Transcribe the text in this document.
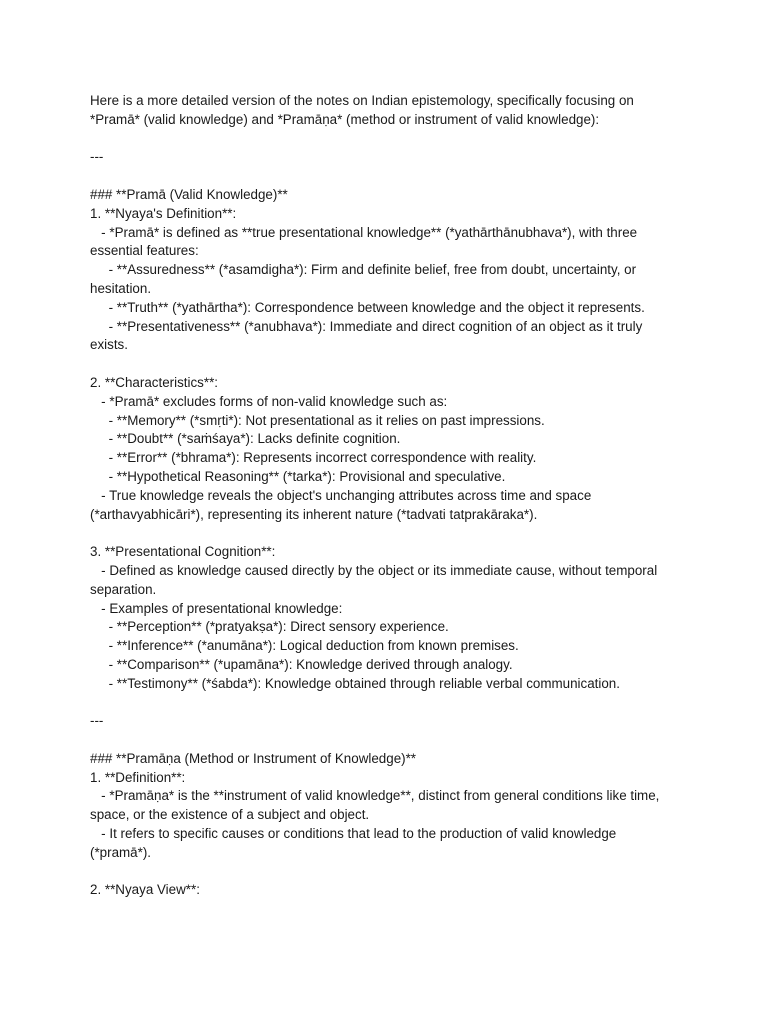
Here is a more detailed version of the notes on Indian epistemology, specifically focusing on
*Pramā* (valid knowledge) and *Pramāṇa* (method or instrument of valid knowledge):
---
### **Pramā (Valid Knowledge)**
1. **Nyaya's Definition**:
- *Pramā* is defined as **true presentational knowledge** (*yathārthānubhava*), with three
essential features:
- **Assuredness** (*asamdigha*): Firm and definite belief, free from doubt, uncertainty, or
hesitation.
- **Truth** (*yathārtha*): Correspondence between knowledge and the object it represents.
- **Presentativeness** (*anubhava*): Immediate and direct cognition of an object as it truly
exists.
2. **Characteristics**:
- *Pramā* excludes forms of non-valid knowledge such as:
- **Memory** (*smṛti*): Not presentational as it relies on past impressions.
- **Doubt** (*saṁśaya*): Lacks definite cognition.
- **Error** (*bhrama*): Represents incorrect correspondence with reality.
- **Hypothetical Reasoning** (*tarka*): Provisional and speculative.
- True knowledge reveals the object's unchanging attributes across time and space
(*arthavyabhicāri*), representing its inherent nature (*tadvati tatprakāraka*).
3. **Presentational Cognition**:
- Defined as knowledge caused directly by the object or its immediate cause, without temporal
separation.
- Examples of presentational knowledge:
- **Perception** (*pratyakṣa*): Direct sensory experience.
- **Inference** (*anumāna*): Logical deduction from known premises.
- **Comparison** (*upamāna*): Knowledge derived through analogy.
- **Testimony** (*śabda*): Knowledge obtained through reliable verbal communication.
---
### **Pramāṇa (Method or Instrument of Knowledge)**
1. **Definition**:
- *Pramāṇa* is the **instrument of valid knowledge**, distinct from general conditions like time,
space, or the existence of a subject and object.
- It refers to specific causes or conditions that lead to the production of valid knowledge
(*pramā*).
2. **Nyaya View**:
